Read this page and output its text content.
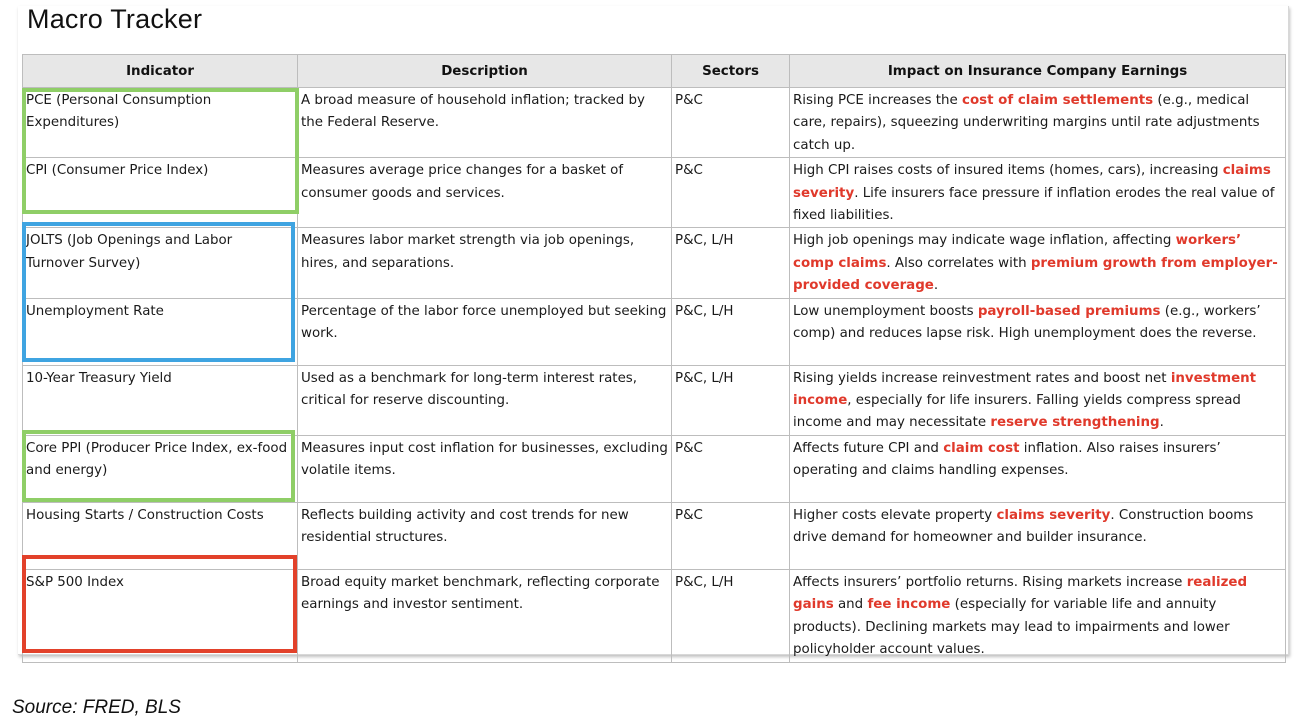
Macro Tracker
Indicator	Description	Sectors	Impact on Insurance Company Earnings
PCE (Personal Consumption Expenditures)	A broad measure of household inflation; tracked by the Federal Reserve.	P&C	Rising PCE increases the cost of claim settlements (e.g., medical care, repairs), squeezing underwriting margins until rate adjustments catch up.
CPI (Consumer Price Index)	Measures average price changes for a basket of consumer goods and services.	P&C	High CPI raises costs of insured items (homes, cars), increasing claims severity. Life insurers face pressure if inflation erodes the real value of fixed liabilities.
JOLTS (Job Openings and Labor Turnover Survey)	Measures labor market strength via job openings, hires, and separations.	P&C, L/H	High job openings may indicate wage inflation, affecting workers’ comp claims. Also correlates with premium growth from employer-provided coverage.
Unemployment Rate	Percentage of the labor force unemployed but seeking work.	P&C, L/H	Low unemployment boosts payroll-based premiums (e.g., workers’ comp) and reduces lapse risk. High unemployment does the reverse.
10-Year Treasury Yield	Used as a benchmark for long-term interest rates, critical for reserve discounting.	P&C, L/H	Rising yields increase reinvestment rates and boost net investment income, especially for life insurers. Falling yields compress spread income and may necessitate reserve strengthening.
Core PPI (Producer Price Index, ex-food and energy)	Measures input cost inflation for businesses, excluding volatile items.	P&C	Affects future CPI and claim cost inflation. Also raises insurers’ operating and claims handling expenses.
Housing Starts / Construction Costs	Reflects building activity and cost trends for new residential structures.	P&C	Higher costs elevate property claims severity. Construction booms drive demand for homeowner and builder insurance.
S&P 500 Index	Broad equity market benchmark, reflecting corporate earnings and investor sentiment.	P&C, L/H	Affects insurers’ portfolio returns. Rising markets increase realized gains and fee income (especially for variable life and annuity products). Declining markets may lead to impairments and lower policyholder account values.
Source: FRED, BLS
